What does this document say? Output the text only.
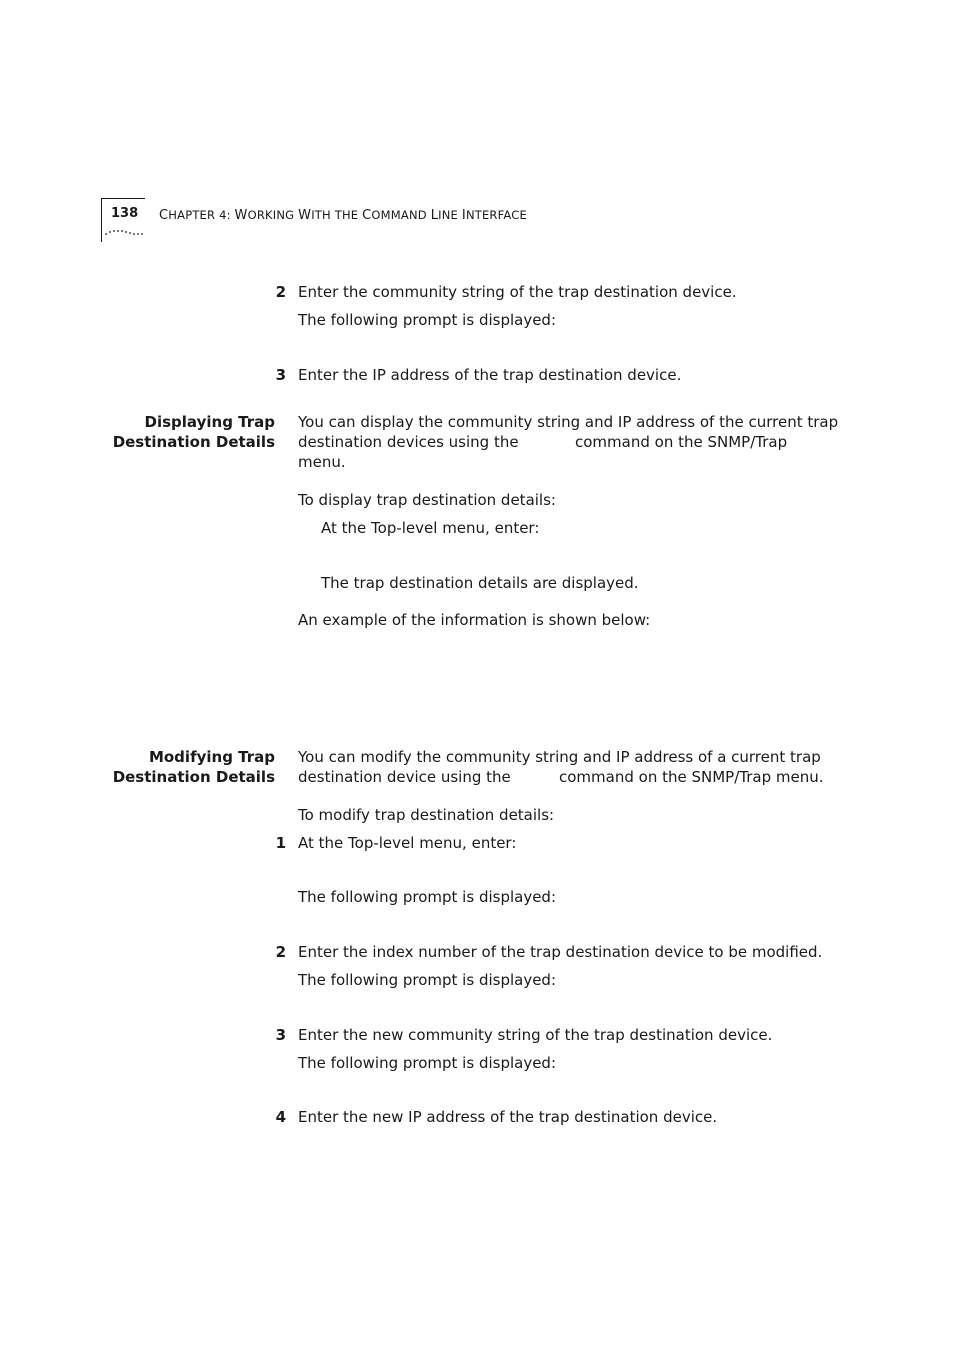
138 CHAPTER 4: WORKING WITH THE COMMAND LINE INTERFACE
2 Enter the community string of the trap destination device.
The following prompt is displayed:
3 Enter the IP address of the trap destination device.
Displaying Trap
Destination Details
You can display the community string and IP address of the current trap
destination devices using the	command on the SNMP/Trap
menu.
To display trap destination details:
At the Top-level menu, enter:
The trap destination details are displayed.
An example of the information is shown below:
Modifying Trap
Destination Details
You can modify the community string and IP address of a current trap
destination device using the	command on the SNMP/Trap menu.
To modify trap destination details:
1 At the Top-level menu, enter:
The following prompt is displayed:
2 Enter the index number of the trap destination device to be modified.
The following prompt is displayed:
3 Enter the new community string of the trap destination device.
The following prompt is displayed:
4 Enter the new IP address of the trap destination device.
